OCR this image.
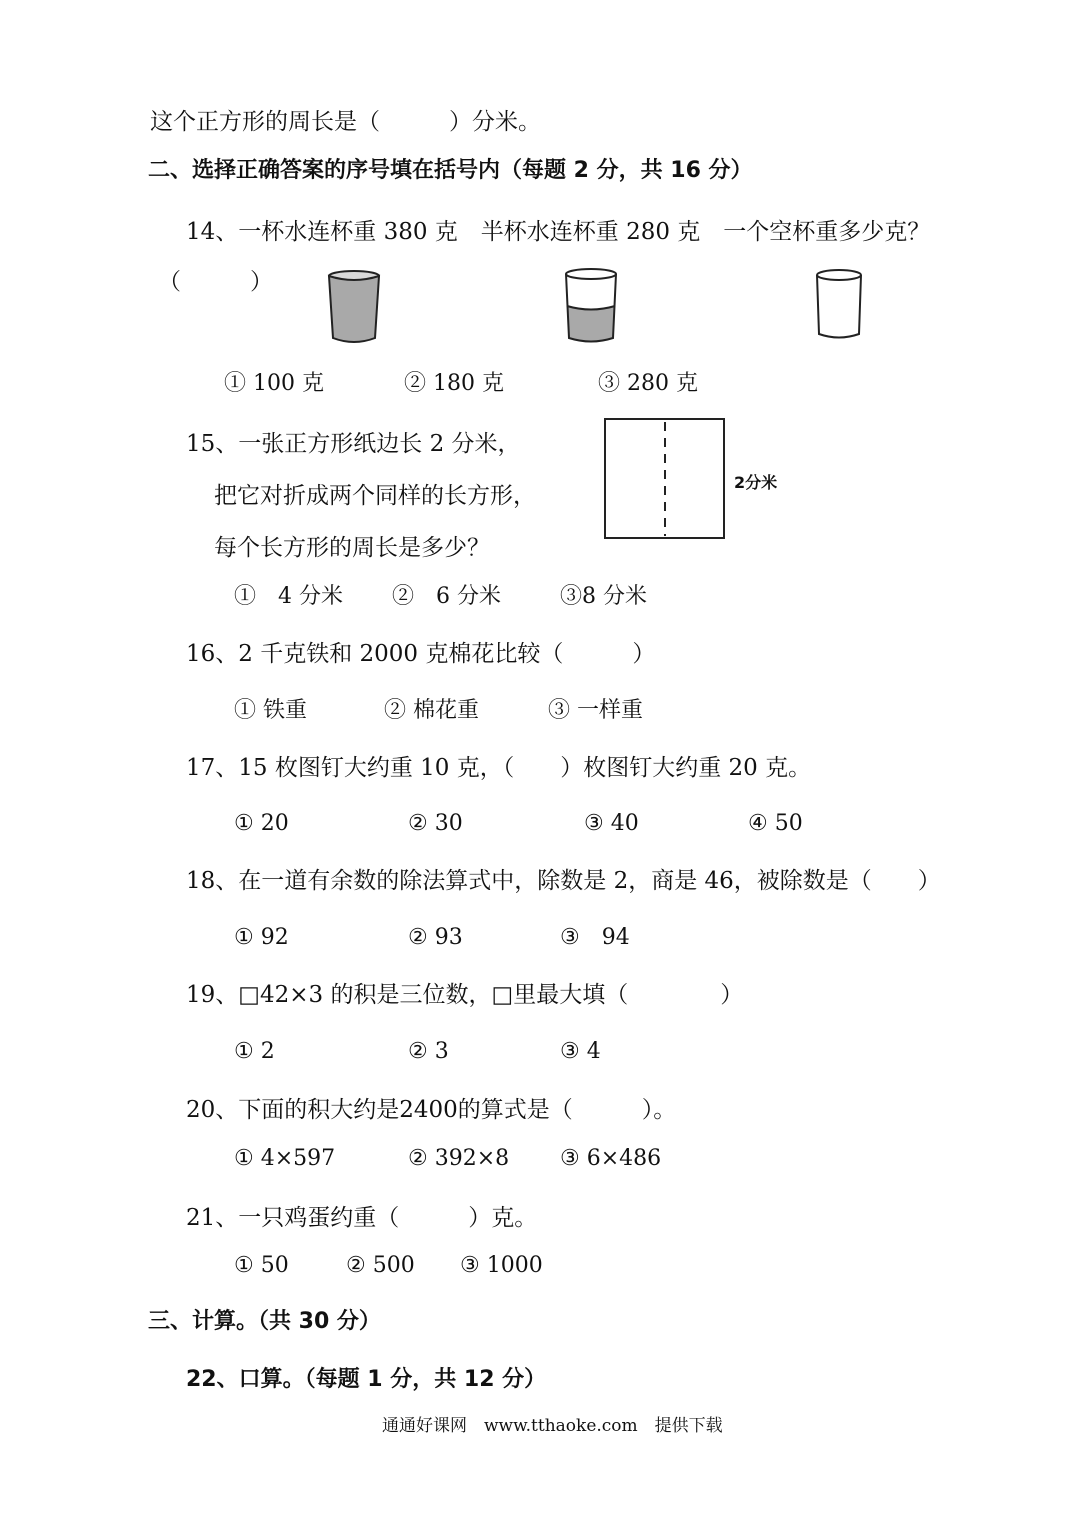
这个正方形的周长是（　　　）分米。
二、选择正确答案的序号填在括号内（每题 2 分，共 16 分）
14、一杯水连杯重 380 克　半杯水连杯重 280 克　一个空杯重多少克？
（　　　）
① 100 克	② 180 克	③ 280 克
15、一张正方形纸边长 2 分米，
把它对折成两个同样的长方形，
每个长方形的周长是多少？
2分米
①　4 分米 ②　6 分米	③8 分米
16、2 千克铁和 2000 克棉花比较（　　　）
① 铁重	② 棉花重	③ 一样重
17、15 枚图钉大约重 10 克，（　　）枚图钉大约重 20 克。
① 20	② 30	③ 40	④ 50
18、在一道有余数的除法算式中，除数是 2，商是 46，被除数是（　　）
① 92	② 93	③　94
19、□42×3 的积是三位数，□里最大填（　　　　）
① 2	② 3	③ 4
20、下面的积大约是2400的算式是（　　　）。
① 4×597	② 392×8 ③ 6×486
21、一只鸡蛋约重（　　　）克。
① 50	② 500 ③ 1000
三、计算。（共 30 分）
22、口算。（每题 1 分，共 12 分）
通通好课网　www.tthaoke.com　提供下载
